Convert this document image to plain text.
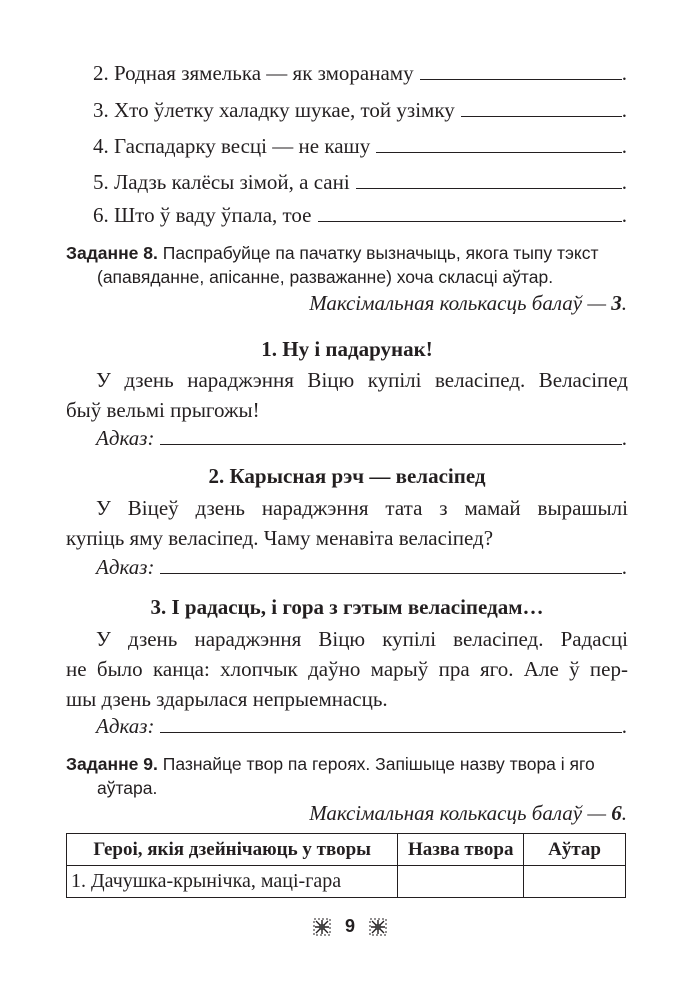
2. Родная зямелька — як зморанаму	.
3. Хто ўлетку халадку шукае, той узімку	.
4. Гаспадарку весці — не кашу	.
5. Ладзь калёсы зімой, а сані	.
6. Што ў ваду ўпала, тое	.
Заданне 8. Паспрабуйце па пачатку вызначыць, якога тыпу тэкст
(апавяданне, апісанне, разважанне) хоча скласці аўтар.
Максімальная колькасць балаў — 3.
1. Ну і падарунак!
У дзень нараджэння Віцю купілі веласіпед. Веласіпед
быў вельмі прыгожы!
Адказ:	.
2. Карысная рэч — веласіпед
У Віцеў дзень нараджэння тата з мамай вырашылі
купіць яму веласіпед. Чаму менавіта веласіпед?
Адказ:	.
3. І радасць, і гора з гэтым веласіпедам…
У дзень нараджэння Віцю купілі веласіпед. Радасці
не было канца: хлопчык даўно марыў пра яго. Але ў пер-
шы дзень здарылася непрыемнасць.
Адказ:	.
Заданне 9. Пазнайце твор па героях. Запішыце назву твора і яго
аўтара.
Максімальная колькасць балаў — 6.
Героі, якія дзейнічаюць у творы	Назва твора	Аўтар
1. Дачушка-крынічка, маці-гара		
9
